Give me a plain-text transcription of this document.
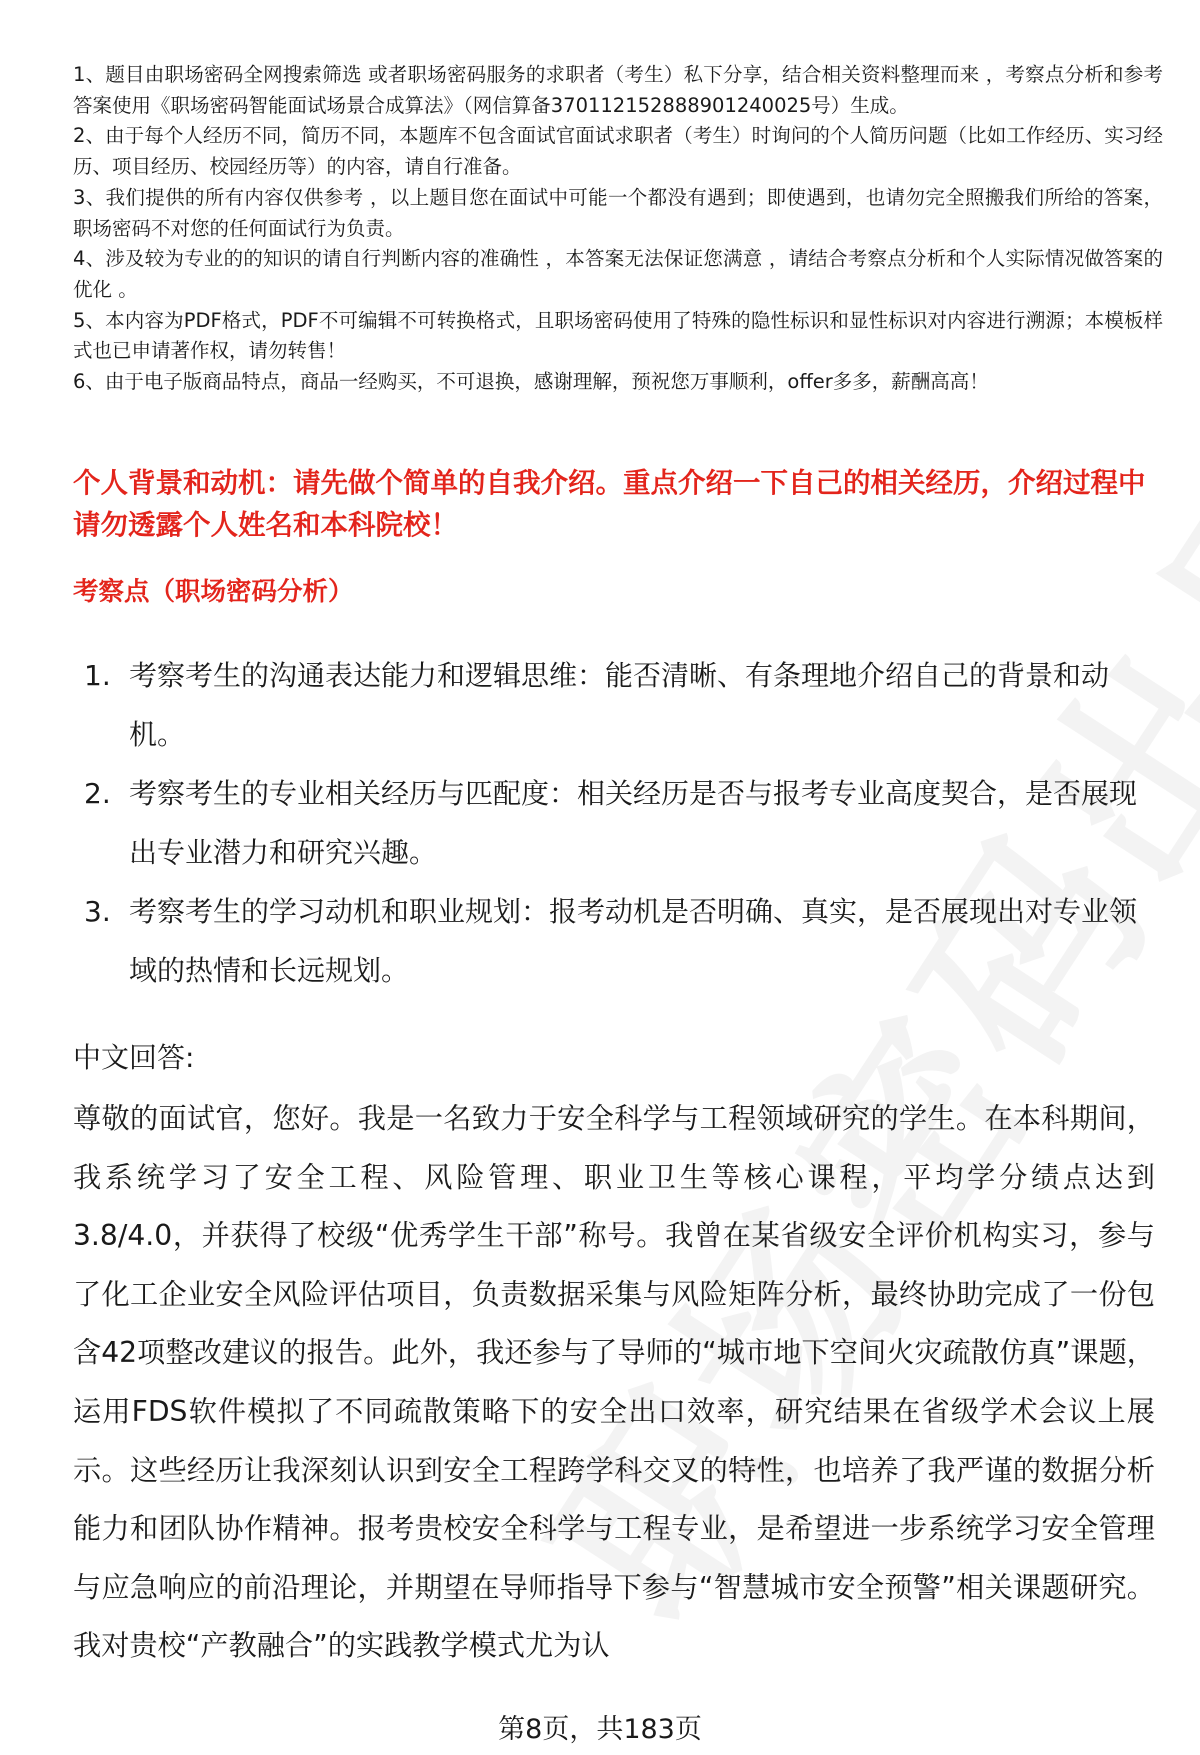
1、题目由职场密码全网搜索筛选 或者职场密码服务的求职者（考生）私下分享，结合相关资料整理而来 ，考察点分析和参考答案使用《职场密码智能面试场景合成算法》（网信算备370112152888901240025号）生成。
2、由于每个人经历不同，简历不同，本题库不包含面试官面试求职者（考生）时询问的个人简历问题（比如工作经历、实习经历、项目经历、校园经历等）的内容，请自行准备。
3、我们提供的所有内容仅供参考 ，以上题目您在面试中可能一个都没有遇到；即使遇到，也请勿完全照搬我们所给的答案，职场密码不对您的任何面试行为负责。
4、涉及较为专业的的知识的请自行判断内容的准确性 ，本答案无法保证您满意 ，请结合考察点分析和个人实际情况做答案的优化 。
5、本内容为PDF格式，PDF不可编辑不可转换格式，且职场密码使用了特殊的隐性标识和显性标识对内容进行溯源；本模板样式也已申请著作权，请勿转售！
6、由于电子版商品特点，商品一经购买，不可退换，感谢理解，预祝您万事顺利，offer多多，薪酬高高！
个人背景和动机：请先做个简单的自我介绍。重点介绍一下自己的相关经历，介绍过程中请勿透露个人姓名和本科院校！
考察点（职场密码分析）
1. 考察考生的沟通表达能力和逻辑思维：能否清晰、有条理地介绍自己的背景和动机。
2. 考察考生的专业相关经历与匹配度：相关经历是否与报考专业高度契合，是否展现出专业潜力和研究兴趣。
3. 考察考生的学习动机和职业规划：报考动机是否明确、真实，是否展现出对专业领域的热情和长远规划。
中文回答:
尊敬的面试官，您好。我是一名致力于安全科学与工程领域研究的学生。在本科期间，我系统学习了安全工程、风险管理、职业卫生等核心课程，平均学分绩点达到3.8/4.0，并获得了校级“优秀学生干部”称号。我曾在某省级安全评价机构实习，参与了化工企业安全风险评估项目，负责数据采集与风险矩阵分析，最终协助完成了一份包含42项整改建议的报告。此外，我还参与了导师的“城市地下空间火灾疏散仿真”课题，运用FDS软件模拟了不同疏散策略下的安全出口效率，研究结果在省级学术会议上展示。这些经历让我深刻认识到安全工程跨学科交叉的特性，也培养了我严谨的数据分析能力和团队协作精神。报考贵校安全科学与工程专业，是希望进一步系统学习安全管理与应急响应的前沿理论，并期望在导师指导下参与“智慧城市安全预警”相关课题研究。我对贵校“产教融合”的实践教学模式尤为认
第8页，共183页
